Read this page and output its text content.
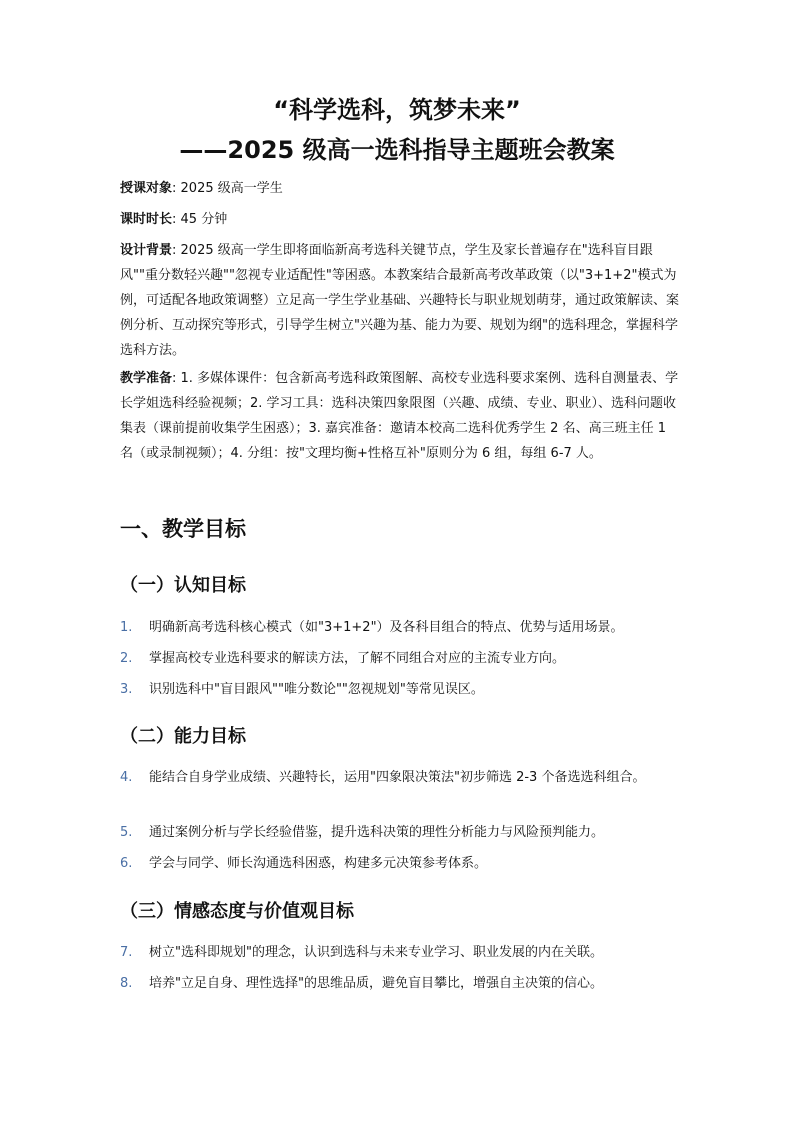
“科学选科，筑梦未来”
——2025 级高一选科指导主题班会教案
授课对象: 2025 级高一学生
课时时长: 45 分钟
设计背景: 2025 级高一学生即将面临新高考选科关键节点，学生及家长普遍存在"选科盲目跟风""重分数轻兴趣""忽视专业适配性"等困惑。本教案结合最新高考改革政策（以"3+1+2"模式为例，可适配各地政策调整）立足高一学生学业基础、兴趣特长与职业规划萌芽，通过政策解读、案例分析、互动探究等形式，引导学生树立"兴趣为基、能力为要、规划为纲"的选科理念，掌握科学选科方法。
教学准备: 1. 多媒体课件：包含新高考选科政策图解、高校专业选科要求案例、选科自测量表、学长学姐选科经验视频；2. 学习工具：选科决策四象限图（兴趣、成绩、专业、职业）、选科问题收集表（课前提前收集学生困惑）；3. 嘉宾准备：邀请本校高二选科优秀学生 2 名、高三班主任 1 名（或录制视频）；4. 分组：按"文理均衡+性格互补"原则分为 6 组，每组 6-7 人。
一、教学目标
（一）认知目标
1. 明确新高考选科核心模式（如"3+1+2"）及各科目组合的特点、优势与适用场景。
2. 掌握高校专业选科要求的解读方法，了解不同组合对应的主流专业方向。
3. 识别选科中"盲目跟风""唯分数论""忽视规划"等常见误区。
（二）能力目标
4. 能结合自身学业成绩、兴趣特长，运用"四象限决策法"初步筛选 2-3 个备选选科组合。
5. 通过案例分析与学长经验借鉴，提升选科决策的理性分析能力与风险预判能力。
6. 学会与同学、师长沟通选科困惑，构建多元决策参考体系。
（三）情感态度与价值观目标
7. 树立"选科即规划"的理念，认识到选科与未来专业学习、职业发展的内在关联。
8. 培养"立足自身、理性选择"的思维品质，避免盲目攀比，增强自主决策的信心。
